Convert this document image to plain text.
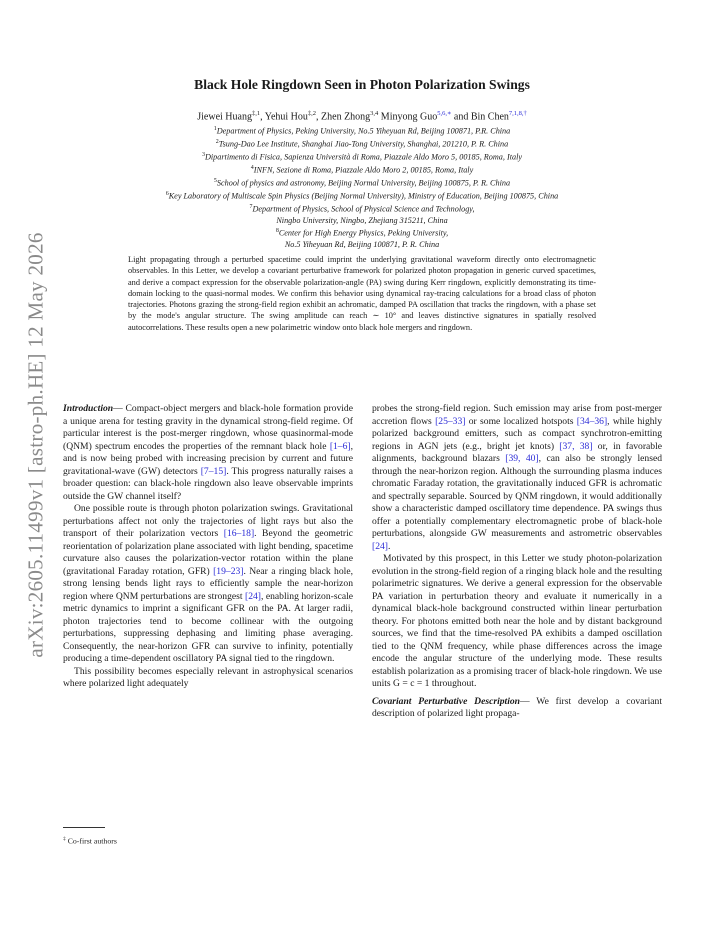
arXiv:2605.11499v1 [astro-ph.HE] 12 May 2026
Black Hole Ringdown Seen in Photon Polarization Swings
Jiewei Huang$^{\ddagger,1}$, Yehui Hou$^{\ddagger,2}$, Zhen Zhong$^{3,4}$ Minyong Guo$^{5,6,∗}$ and Bin Chen$^{7,1,8,\dagger}$
$^1$Department of Physics, Peking University, No.5 Yiheyuan Rd, Beijing 100871, P.R. China
$^2$Tsung-Dao Lee Institute, Shanghai Jiao-Tong University, Shanghai, 201210, P. R. China
$^3$Dipartimento di Fisica, Sapienza Università di Roma, Piazzale Aldo Moro 5, 00185, Roma, Italy
$^4$INFN, Sezione di Roma, Piazzale Aldo Moro 2, 00185, Roma, Italy
$^5$School of physics and astronomy, Beijing Normal University, Beijing 100875, P. R. China
$^6$Key Laboratory of Multiscale Spin Physics (Beijing Normal University), Ministry of Education, Beijing 100875, China
$^7$Department of Physics, School of Physical Science and Technology,
Ningbo University, Ningbo, Zhejiang 315211, China
$^8$Center for High Energy Physics, Peking University,
No.5 Yiheyuan Rd, Beijing 100871, P. R. China
Light propagating through a perturbed spacetime could imprint the underlying gravitational waveform directly onto electromagnetic observables. In this Letter, we develop a covariant perturbative framework for polarized photon propagation in generic curved spacetimes, and derive a compact expression for the observable polarization-angle (PA) swing during Kerr ringdown, explicitly demonstrating its time-domain locking to the quasi-normal modes. We confirm this behavior using dynamical ray-tracing calculations for a broad class of photon trajectories. Photons grazing the strong-field region exhibit an achromatic, damped PA oscillation that tracks the ringdown, with a phase set by the mode's angular structure. The swing amplitude can reach ∼ 10° and leaves distinctive signatures in spatially resolved autocorrelations. These results open a new polarimetric window onto black hole mergers and ringdown.

Introduction— Compact-object mergers and black-hole formation provide a unique arena for testing gravity in the dynamical strong-field regime. Of particular interest is the post-merger ringdown, whose quasinormal-mode (QNM) spectrum encodes the properties of the remnant black hole [1–6], and is now being probed with increasing precision by current and future gravitational-wave (GW) detectors [7–15]. This progress naturally raises a broader question: can black-hole ringdown also leave observable imprints outside the GW channel itself?

One possible route is through photon polarization swings. Gravitational perturbations affect not only the trajectories of light rays but also the transport of their polarization vectors [16–18]. Beyond the geometric reorientation of polarization plane associated with light bending, spacetime curvature also causes the polarization-vector rotation within the plane (gravitational Faraday rotation, GFR) [19–23]. Near a ringing black hole, strong lensing bends light rays to efficiently sample the near-horizon region where QNM perturbations are strongest [24], enabling horizon-scale metric dynamics to imprint a significant GFR on the PA. At larger radii, photon trajectories tend to become collinear with the outgoing perturbations, suppressing dephasing and limiting phase averaging. Consequently, the near-horizon GFR can survive to infinity, potentially producing a time-dependent oscillatory PA signal tied to the ringdown.

This possibility becomes especially relevant in astrophysical scenarios where polarized light adequately

probes the strong-field region. Such emission may arise from post-merger accretion flows [25–33] or some localized hotspots [34–36], while highly polarized background emitters, such as compact synchrotron-emitting regions in AGN jets (e.g., bright jet knots) [37, 38] or, in favorable alignments, background blazars [39, 40], can also be strongly lensed through the near-horizon region. Although the surrounding plasma induces chromatic Faraday rotation, the gravitationally induced GFR is achromatic and spectrally separable. Sourced by QNM ringdown, it would additionally show a characteristic damped oscillatory time dependence. PA swings thus offer a potentially complementary electromagnetic probe of black-hole perturbations, alongside GW measurements and astrometric observables [24].

Motivated by this prospect, in this Letter we study photon-polarization evolution in the strong-field region of a ringing black hole and the resulting polarimetric signatures. We derive a general expression for the observable PA variation in perturbation theory and evaluate it numerically in a dynamical black-hole background constructed within linear perturbation theory. For photons emitted both near the hole and by distant background sources, we find that the time-resolved PA exhibits a damped oscillation tied to the QNM frequency, while phase differences across the image encode the angular structure of the underlying mode. These results establish polarization as a promising tracer of black-hole ringdown. We use units G = c = 1 throughout.

Covariant Perturbative Description— We first develop a covariant description of polarized light propaga-

‡ Co-first authors
